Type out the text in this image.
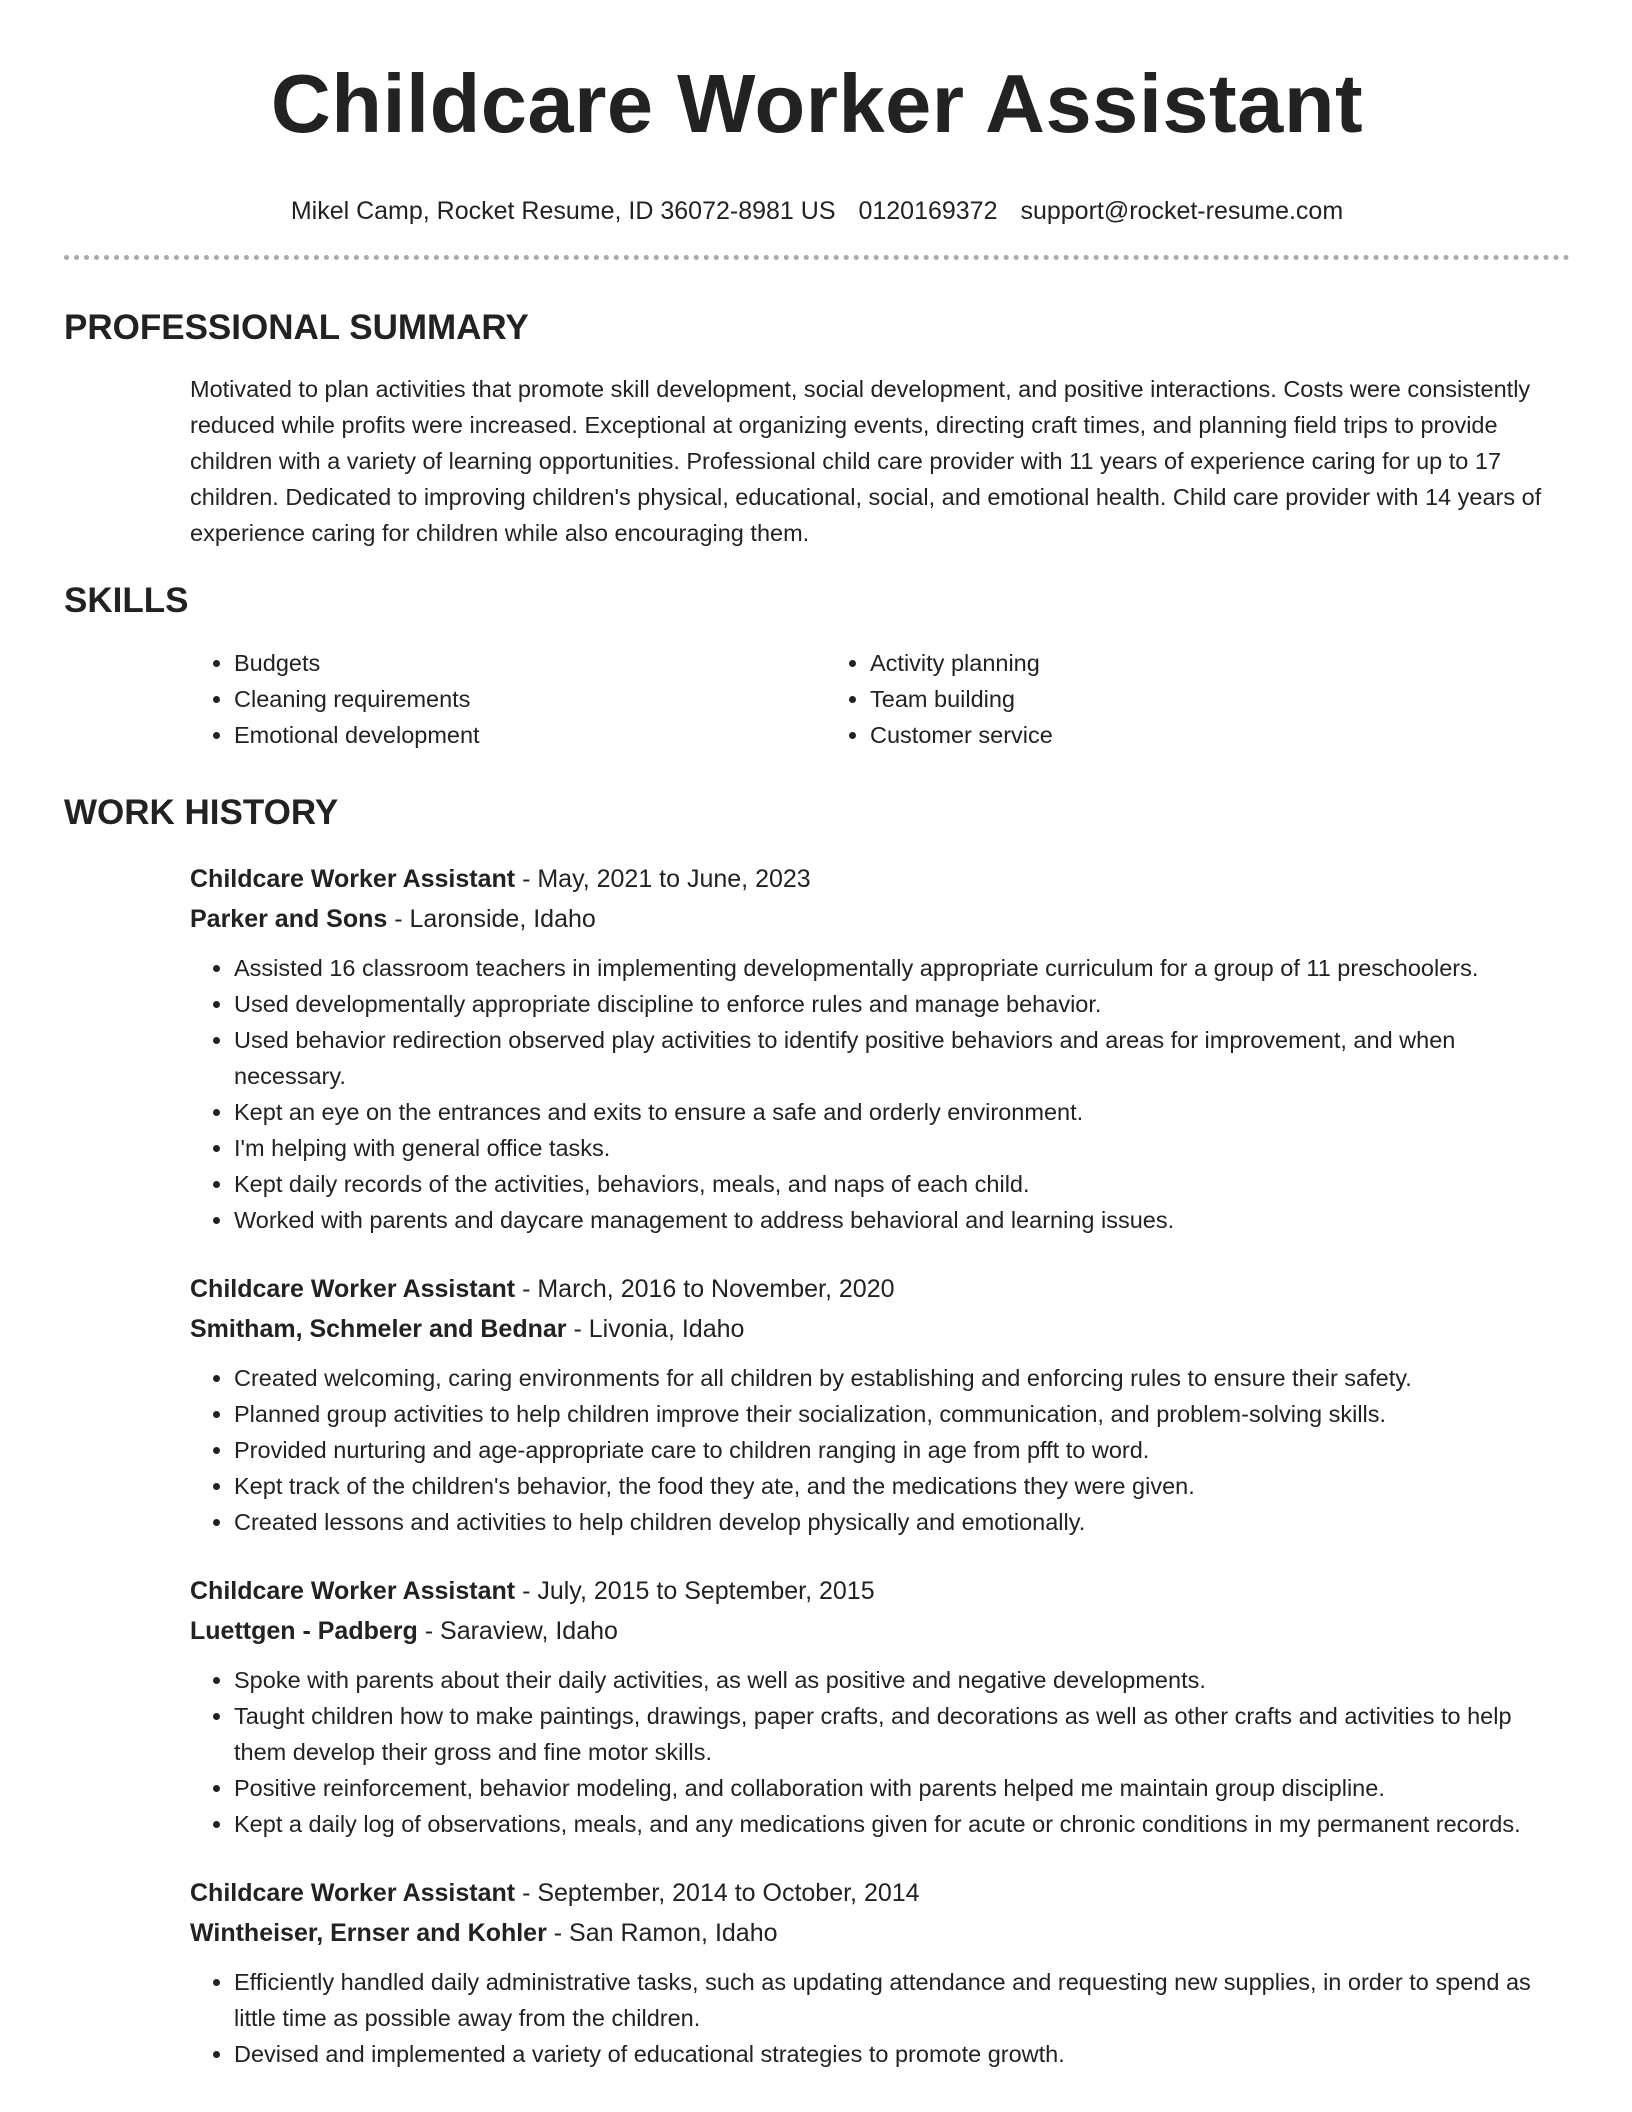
Childcare Worker Assistant
Mikel Camp, Rocket Resume, ID 36072-8981 US 0120169372 support@rocket-resume.com
PROFESSIONAL SUMMARY

Motivated to plan activities that promote skill development, social development, and positive interactions. Costs were consistently reduced while profits were increased. Exceptional at organizing events, directing craft times, and planning field trips to provide children with a variety of learning opportunities. Professional child care provider with 11 years of experience caring for up to 17 children. Dedicated to improving children's physical, educational, social, and emotional health. Child care provider with 14 years of experience caring for children while also encouraging them.

SKILLS
• Budgets
• Cleaning requirements
• Emotional development
• Activity planning
• Team building
• Customer service
WORK HISTORY
Childcare Worker Assistant - May, 2021 to June, 2023
Parker and Sons - Laronside, Idaho
• Assisted 16 classroom teachers in implementing developmentally appropriate curriculum for a group of 11 preschoolers.
• Used developmentally appropriate discipline to enforce rules and manage behavior.
• Used behavior redirection observed play activities to identify positive behaviors and areas for improvement, and when necessary.
• Kept an eye on the entrances and exits to ensure a safe and orderly environment.
• I'm helping with general office tasks.
• Kept daily records of the activities, behaviors, meals, and naps of each child.
• Worked with parents and daycare management to address behavioral and learning issues.
Childcare Worker Assistant - March, 2016 to November, 2020
Smitham, Schmeler and Bednar - Livonia, Idaho
• Created welcoming, caring environments for all children by establishing and enforcing rules to ensure their safety.
• Planned group activities to help children improve their socialization, communication, and problem-solving skills.
• Provided nurturing and age-appropriate care to children ranging in age from pfft to word.
• Kept track of the children's behavior, the food they ate, and the medications they were given.
• Created lessons and activities to help children develop physically and emotionally.
Childcare Worker Assistant - July, 2015 to September, 2015
Luettgen - Padberg - Saraview, Idaho
• Spoke with parents about their daily activities, as well as positive and negative developments.
• Taught children how to make paintings, drawings, paper crafts, and decorations as well as other crafts and activities to help them develop their gross and fine motor skills.
• Positive reinforcement, behavior modeling, and collaboration with parents helped me maintain group discipline.
• Kept a daily log of observations, meals, and any medications given for acute or chronic conditions in my permanent records.
Childcare Worker Assistant - September, 2014 to October, 2014
Wintheiser, Ernser and Kohler - San Ramon, Idaho
• Efficiently handled daily administrative tasks, such as updating attendance and requesting new supplies, in order to spend as little time as possible away from the children.
• Devised and implemented a variety of educational strategies to promote growth.
